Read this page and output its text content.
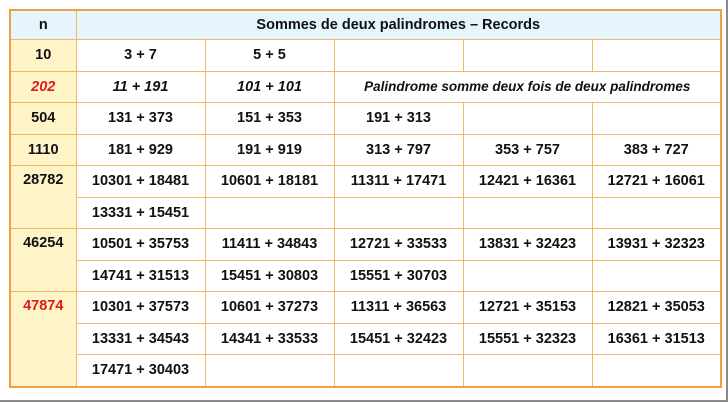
n	Sommes de deux palindromes – Records				
10	3 + 7	5 + 5			
202	11 + 191	101 + 101	Palindrome somme deux fois de deux palindromes		
504	131 + 373	151 + 353	191 + 313		
1110	181 + 929	191 + 919	313 + 797	353 + 757	383 + 727
28782	10301 + 18481	10601 + 18181	11311 + 17471	12421 + 16361	12721 + 16061
	13331 + 15451				
46254	10501 + 35753	11411 + 34843	12721 + 33533	13831 + 32423	13931 + 32323
	14741 + 31513	15451 + 30803	15551 + 30703		
47874	10301 + 37573	10601 + 37273	11311 + 36563	12721 + 35153	12821 + 35053
	13331 + 34543	14341 + 33533	15451 + 32423	15551 + 32323	16361 + 31513
	17471 + 30403				
